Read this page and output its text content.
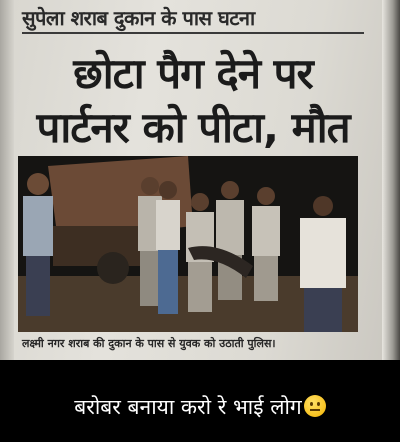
सुपेला शराब दुकान के पास घटना
छोटा पैग देने पर
पार्टनर को पीटा, मौत
लक्ष्मी नगर शराब की दुकान के पास से युवक को उठाती पुलिस।
बरोबर बनाया करो रे भाई लोग
